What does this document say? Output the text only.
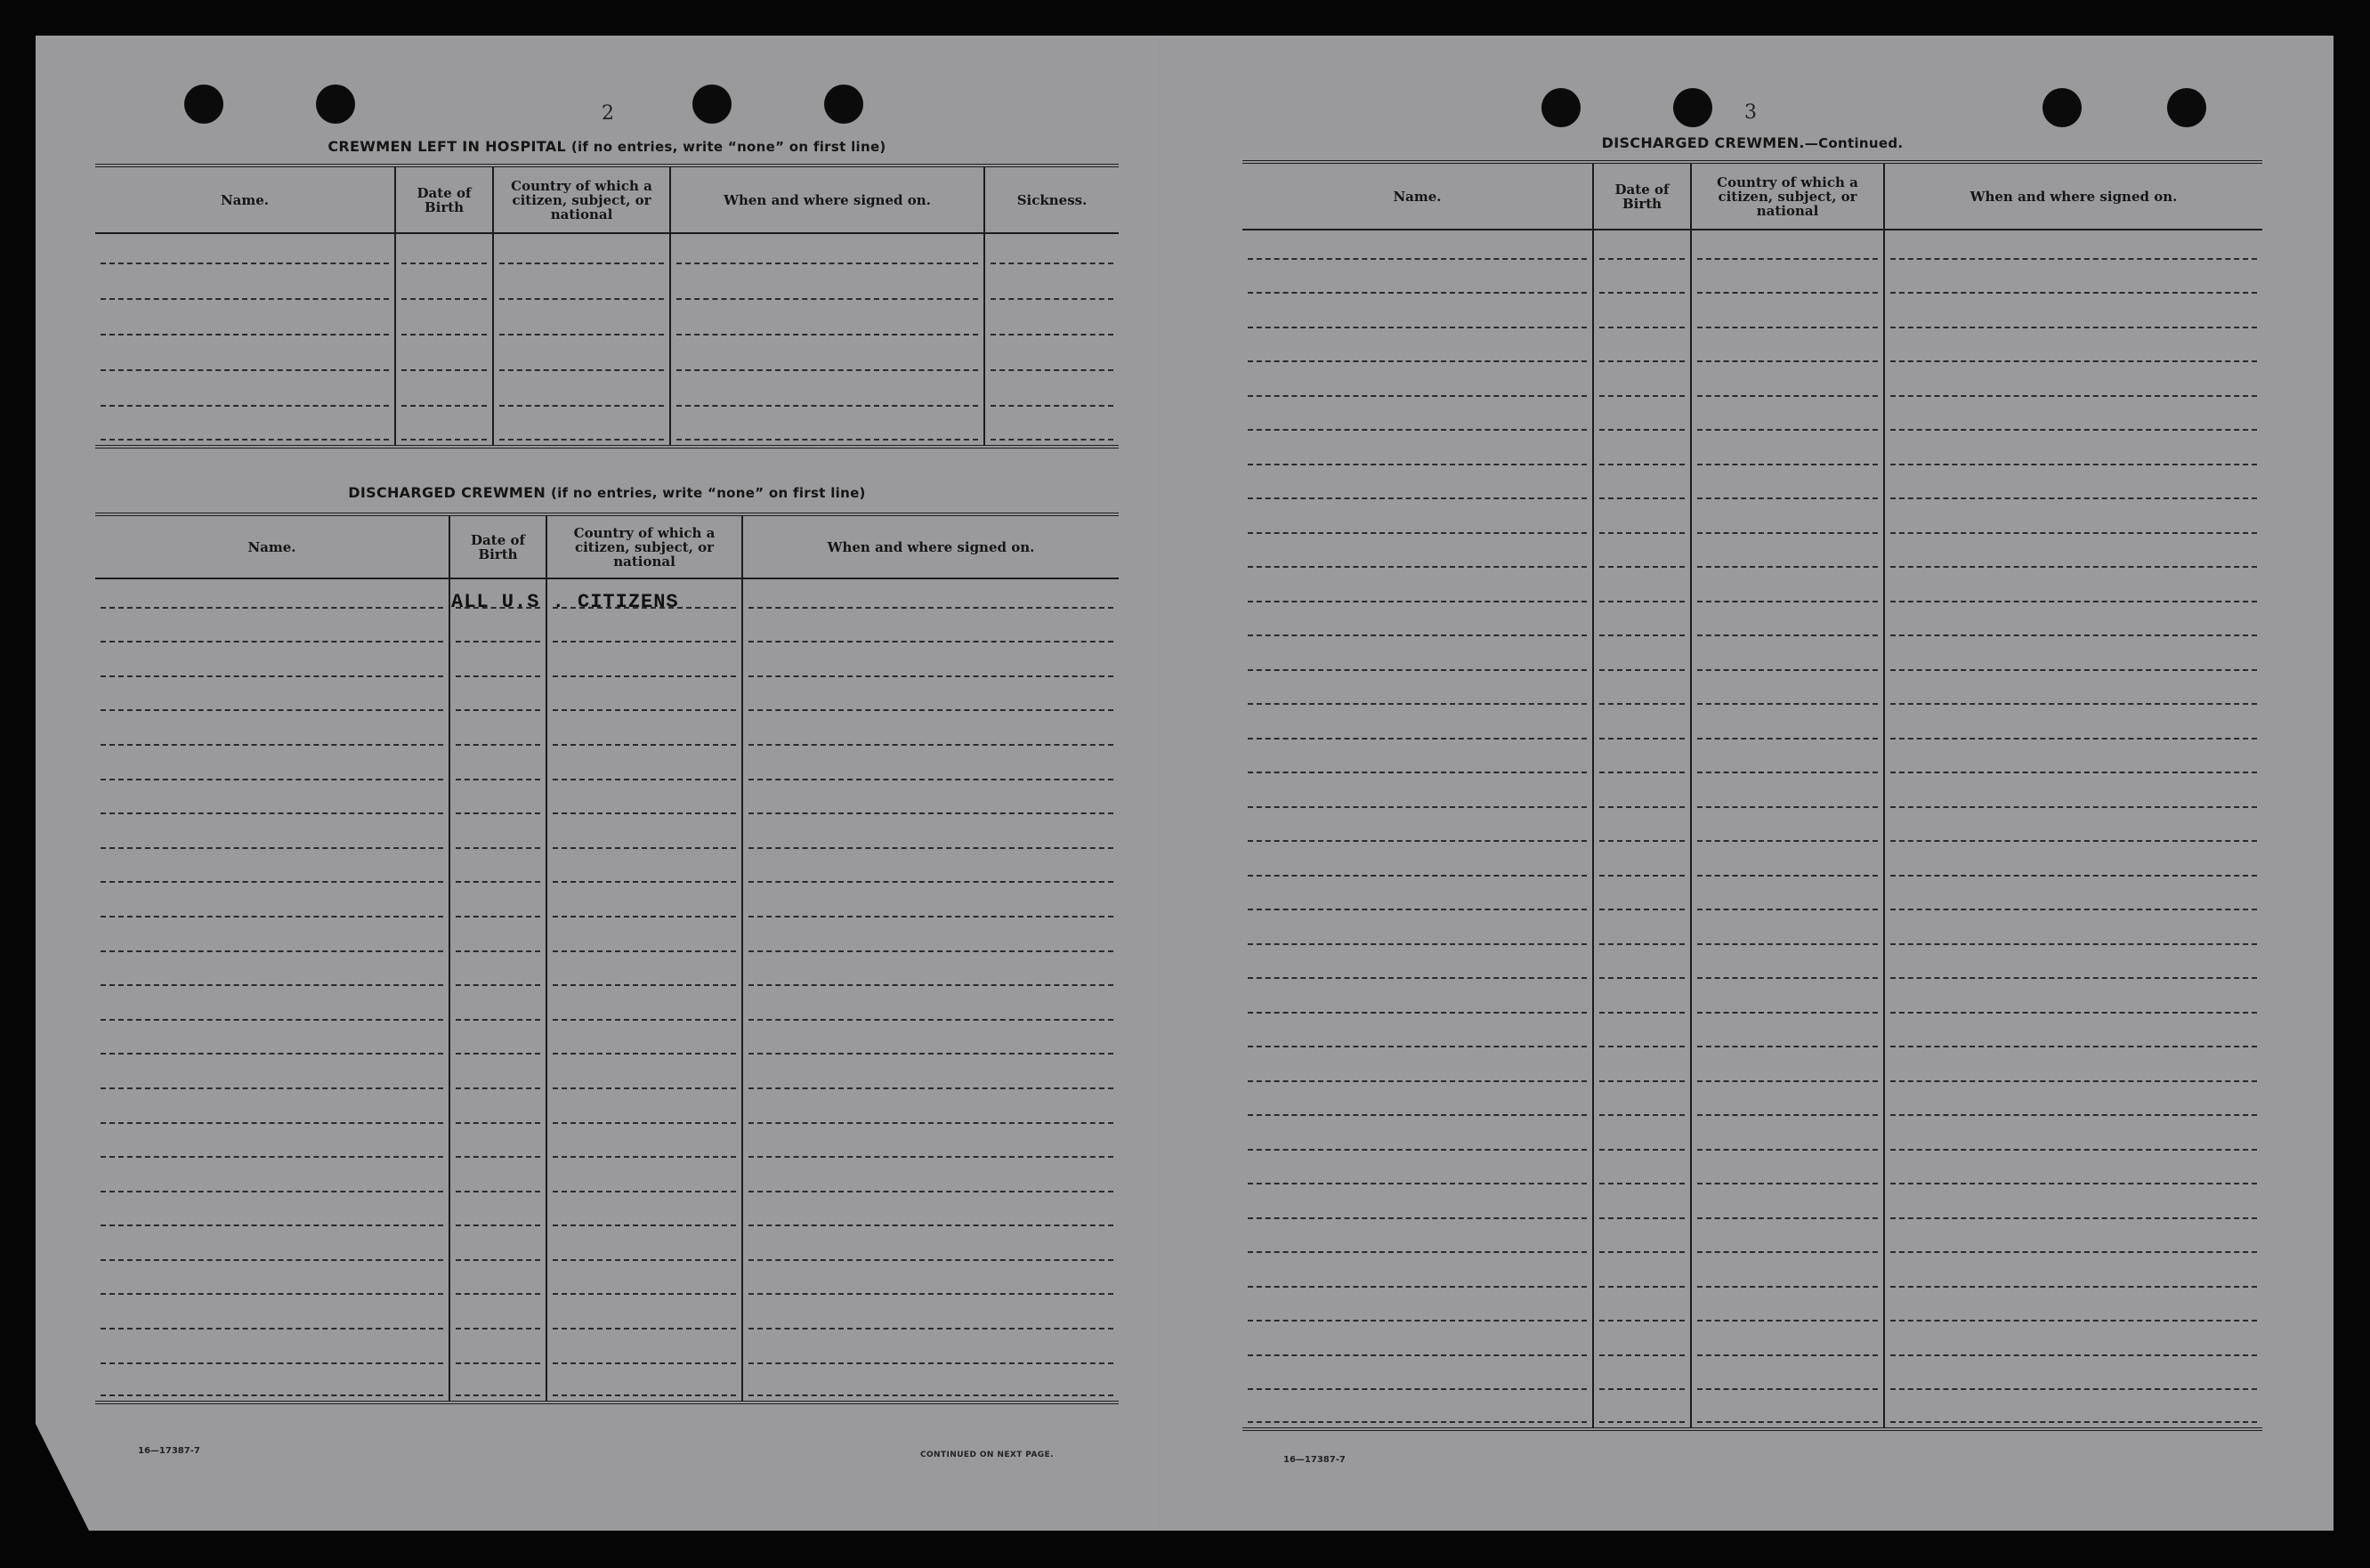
2
CREWMEN LEFT IN HOSPITAL (if no entries, write “none” on first line)
Name.	Date of Birth	Country of which a citizen, subject, or national	When and where signed on.	Sickness.

DISCHARGED CREWMEN (if no entries, write “none” on first line)
Name.	Date of Birth	Country of which a citizen, subject, or national	When and where signed on.

ALL U.S . CITIZENS
16—17387-7	CONTINUED ON NEXT PAGE.
3
DISCHARGED CREWMEN.—Continued.
Name.	Date of Birth	Country of which a citizen, subject, or national	When and where signed on.

16—17387-7
